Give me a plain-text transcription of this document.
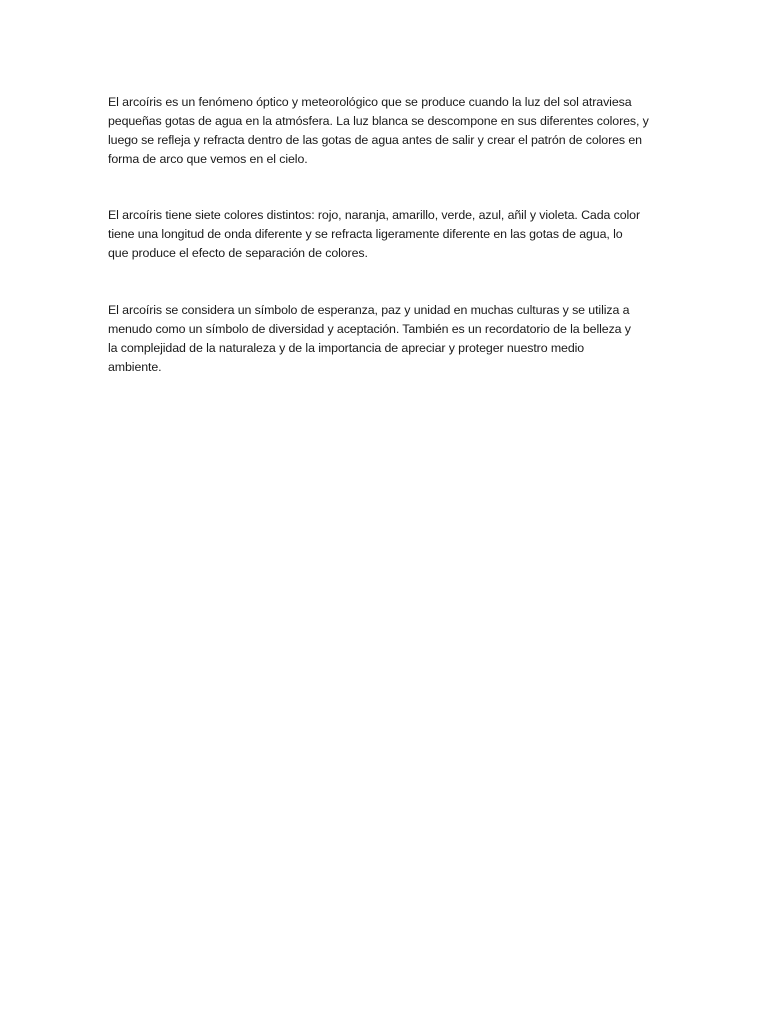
El arcoíris es un fenómeno óptico y meteorológico que se produce cuando la luz del sol atraviesa

pequeñas gotas de agua en la atmósfera. La luz blanca se descompone en sus diferentes colores, y

luego se refleja y refracta dentro de las gotas de agua antes de salir y crear el patrón de colores en

forma de arco que vemos en el cielo.

El arcoíris tiene siete colores distintos: rojo, naranja, amarillo, verde, azul, añil y violeta. Cada color

tiene una longitud de onda diferente y se refracta ligeramente diferente en las gotas de agua, lo

que produce el efecto de separación de colores.

El arcoíris se considera un símbolo de esperanza, paz y unidad en muchas culturas y se utiliza a

menudo como un símbolo de diversidad y aceptación. También es un recordatorio de la belleza y

la complejidad de la naturaleza y de la importancia de apreciar y proteger nuestro medio

ambiente.
